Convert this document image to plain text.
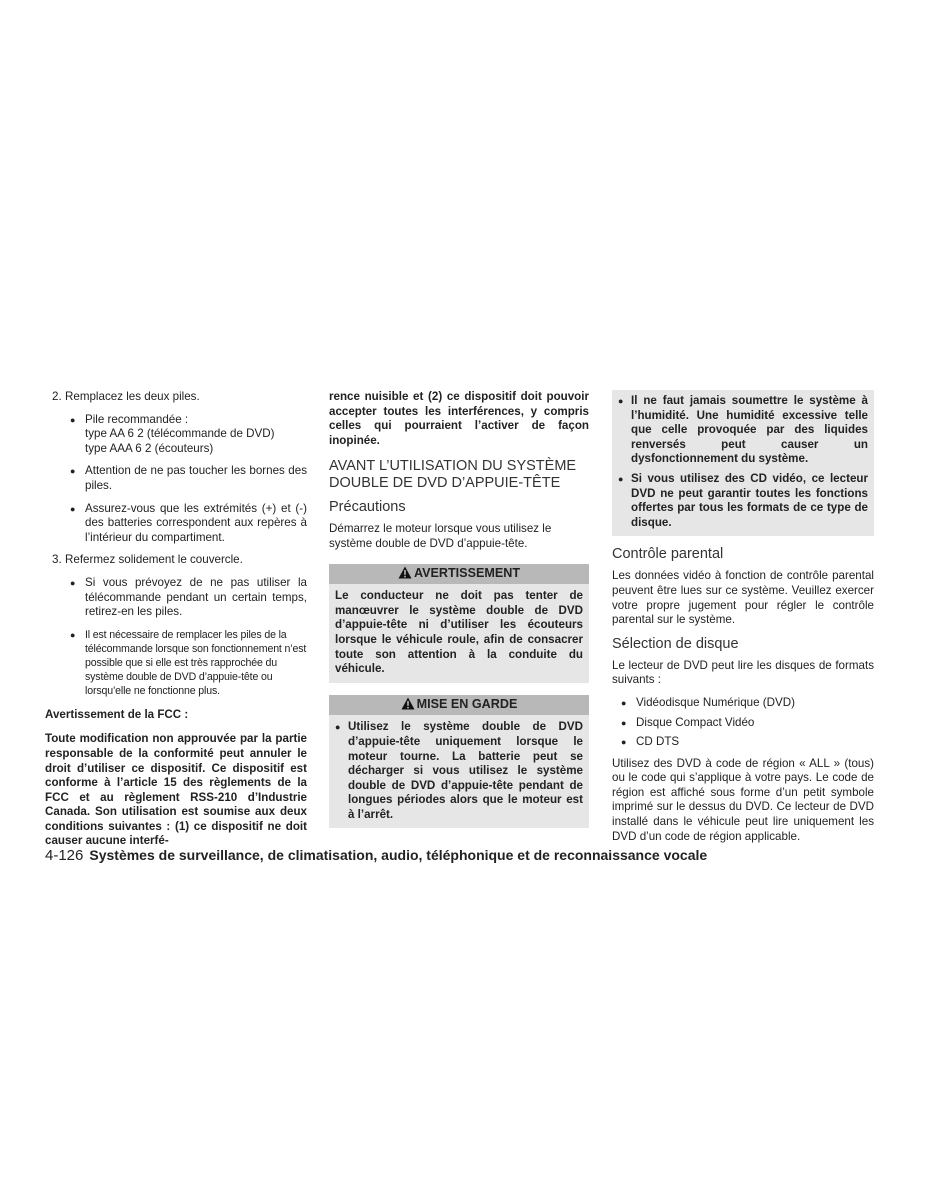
2. Remplacez les deux piles.
● Pile recommandée :
type AA 6 2 (télécommande de DVD)
type AAA 6 2 (écouteurs)
● Attention de ne pas toucher les bornes des piles.
● Assurez-vous que les extrémités (+) et (-) des batteries correspondent aux repères à l’intérieur du compartiment.
3. Refermez solidement le couvercle.
● Si vous prévoyez de ne pas utiliser la télécommande pendant un certain temps, retirez-en les piles.
● Il est nécessaire de remplacer les piles de la télécommande lorsque son fonctionnement n’est possible que si elle est très rapprochée du système double de DVD d’appuie-tête ou lorsqu’elle ne fonctionne plus.

Avertissement de la FCC :

Toute modification non approuvée par la partie responsable de la conformité peut annuler le droit d’utiliser ce dispositif. Ce dispositif est conforme à l’article 15 des règlements de la FCC et au règlement RSS-210 d’Industrie Canada. Son utilisation est soumise aux deux conditions suivantes : (1) ce dispositif ne doit causer aucune interfé-

rence nuisible et (2) ce dispositif doit pouvoir accepter toutes les interférences, y compris celles qui pourraient l’activer de façon inopinée.

AVANT L’UTILISATION DU SYSTÈME DOUBLE DE DVD D’APPUIE-TÊTE
Précautions

Démarrez le moteur lorsque vous utilisez le système double de DVD d’appuie-tête.

AVERTISSEMENT
Le conducteur ne doit pas tenter de manœuvrer le système double de DVD d’appuie-tête ni d’utiliser les écouteurs lorsque le véhicule roule, afin de consacrer toute son attention à la conduite du véhicule.
MISE EN GARDE
● Utilisez le système double de DVD d’appuie-tête uniquement lorsque le moteur tourne. La batterie peut se décharger si vous utilisez le système double de DVD d’appuie-tête pendant de longues périodes alors que le moteur est à l’arrêt.
● Il ne faut jamais soumettre le système à l’humidité. Une humidité excessive telle que celle provoquée par des liquides renversés peut causer un dysfonctionnement du système.
● Si vous utilisez des CD vidéo, ce lecteur DVD ne peut garantir toutes les fonctions offertes par tous les formats de ce type de disque.
Contrôle parental

Les données vidéo à fonction de contrôle parental peuvent être lues sur ce système. Veuillez exercer votre propre jugement pour régler le contrôle parental sur le système.

Sélection de disque

Le lecteur de DVD peut lire les disques de formats suivants :

● Vidéodisque Numérique (DVD)
● Disque Compact Vidéo
● CD DTS

Utilisez des DVD à code de région « ALL » (tous) ou le code qui s’applique à votre pays. Le code de région est affiché sous forme d’un petit symbole imprimé sur le dessus du DVD. Ce lecteur de DVD installé dans le véhicule peut lire uniquement les DVD d’un code de région applicable.

4-126 Systèmes de surveillance, de climatisation, audio, téléphonique et de reconnaissance vocale
